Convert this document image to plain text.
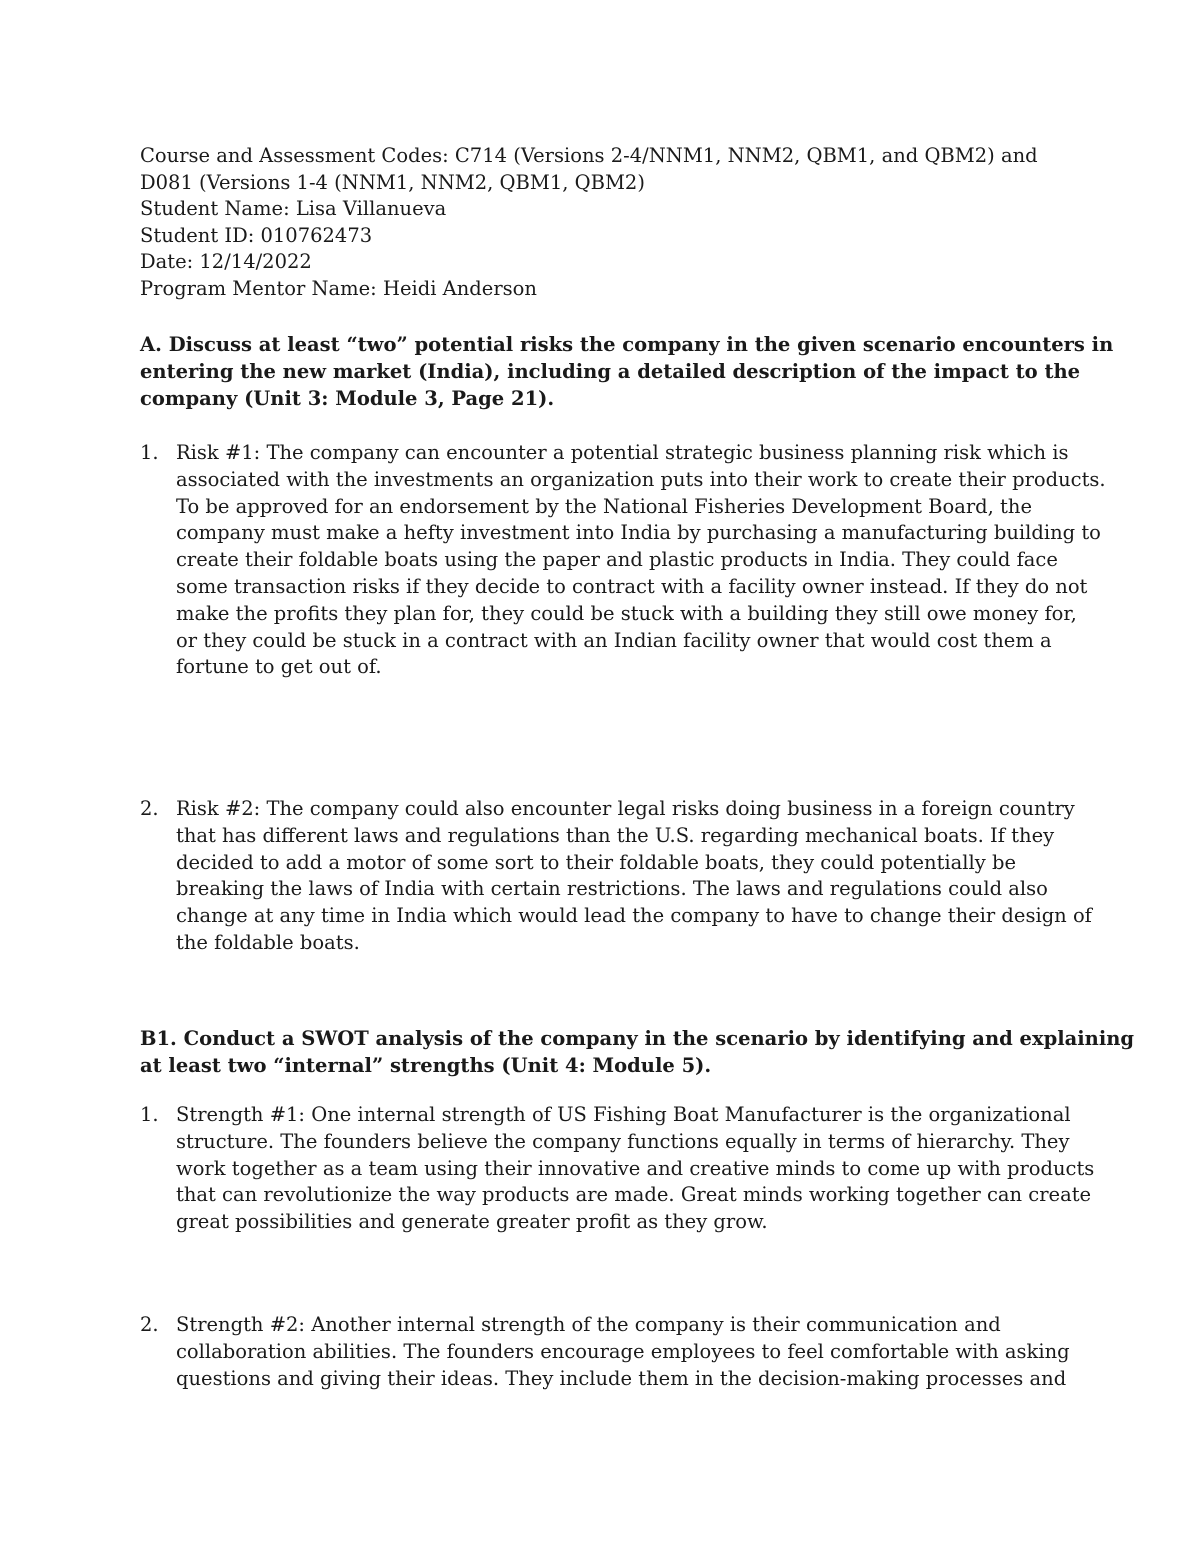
Course and Assessment Codes: C714 (Versions 2-4/NNM1, NNM2, QBM1, and QBM2) and
D081 (Versions 1-4 (NNM1, NNM2, QBM1, QBM2)
Student Name: Lisa Villanueva
Student ID: 010762473
Date: 12/14/2022
Program Mentor Name: Heidi Anderson
A. Discuss at least “two” potential risks the company in the given scenario encounters in
entering the new market (India), including a detailed description of the impact to the
company (Unit 3: Module 3, Page 21).
1. Risk #1: The company can encounter a potential strategic business planning risk which is
associated with the investments an organization puts into their work to create their products.
To be approved for an endorsement by the National Fisheries Development Board, the
company must make a hefty investment into India by purchasing a manufacturing building to
create their foldable boats using the paper and plastic products in India. They could face
some transaction risks if they decide to contract with a facility owner instead. If they do not
make the profits they plan for, they could be stuck with a building they still owe money for,
or they could be stuck in a contract with an Indian facility owner that would cost them a
fortune to get out of.
2. Risk #2: The company could also encounter legal risks doing business in a foreign country
that has different laws and regulations than the U.S. regarding mechanical boats. If they
decided to add a motor of some sort to their foldable boats, they could potentially be
breaking the laws of India with certain restrictions. The laws and regulations could also
change at any time in India which would lead the company to have to change their design of
the foldable boats.
B1. Conduct a SWOT analysis of the company in the scenario by identifying and explaining
at least two “internal” strengths (Unit 4: Module 5).
1. Strength #1: One internal strength of US Fishing Boat Manufacturer is the organizational
structure. The founders believe the company functions equally in terms of hierarchy. They
work together as a team using their innovative and creative minds to come up with products
that can revolutionize the way products are made. Great minds working together can create
great possibilities and generate greater profit as they grow.
2. Strength #2: Another internal strength of the company is their communication and
collaboration abilities. The founders encourage employees to feel comfortable with asking
questions and giving their ideas. They include them in the decision-making processes and
